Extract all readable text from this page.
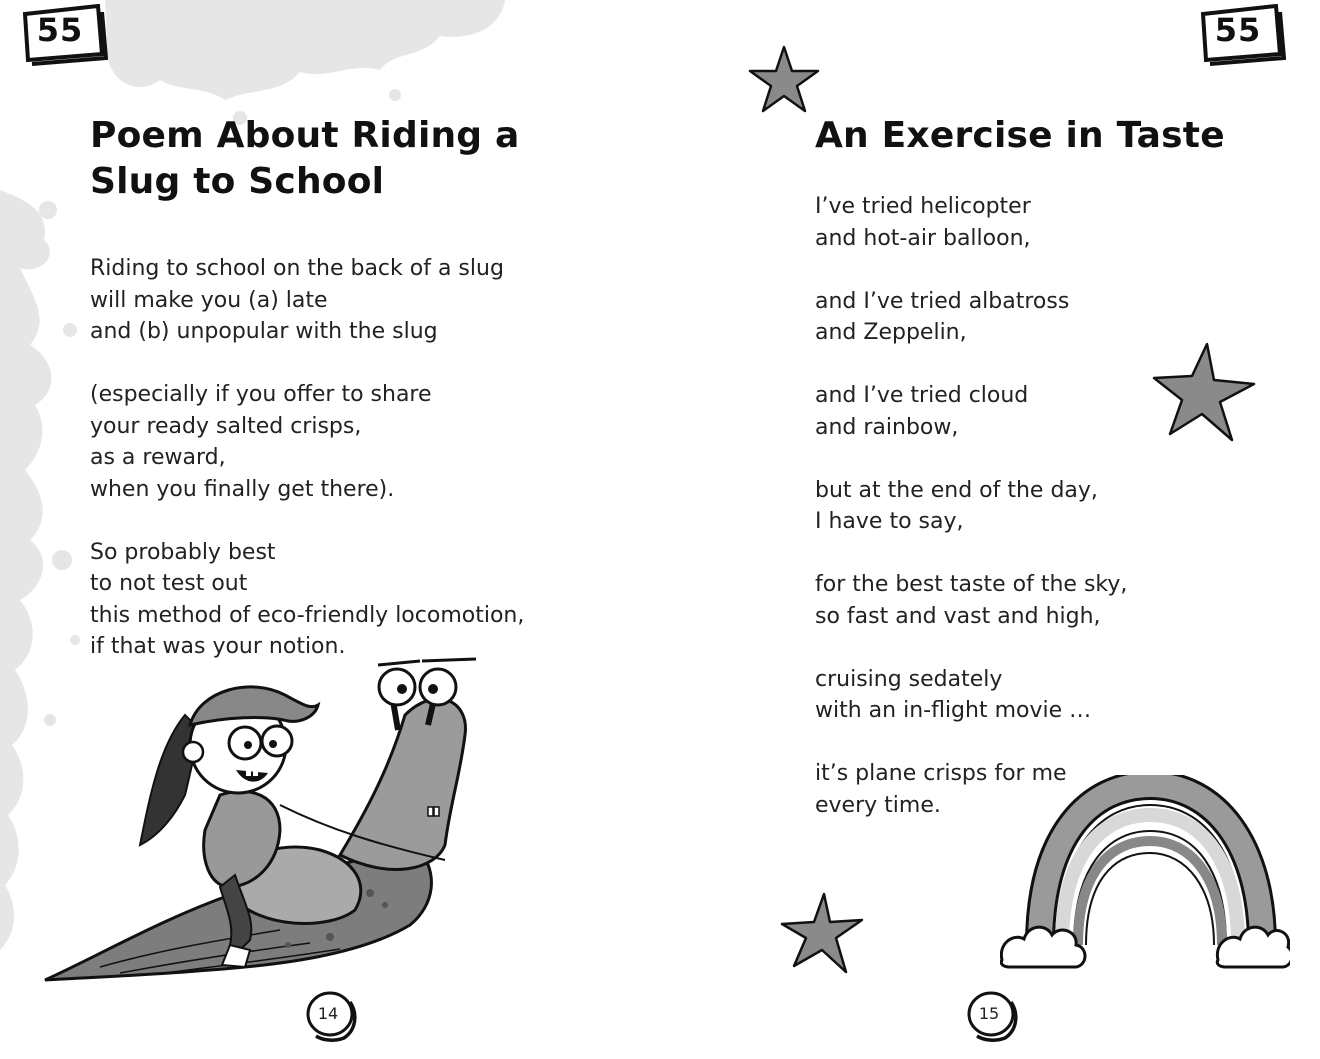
55
Poem About Riding a
Slug to School

Riding to school on the back of a slug
will make you (a) late
and (b) unpopular with the slug

(especially if you offer to share
your ready salted crisps,
as a reward,
when you finally get there).

So probably best
to not test out
this method of eco-friendly locomotion,
if that was your notion.

14
55
An Exercise in Taste

I’ve tried helicopter
and hot-air balloon,

and I’ve tried albatross
and Zeppelin,

and I’ve tried cloud
and rainbow,

but at the end of the day,
I have to say,

for the best taste of the sky,
so fast and vast and high,

cruising sedately
with an in-flight movie …

it’s plane crisps for me
every time.

15
